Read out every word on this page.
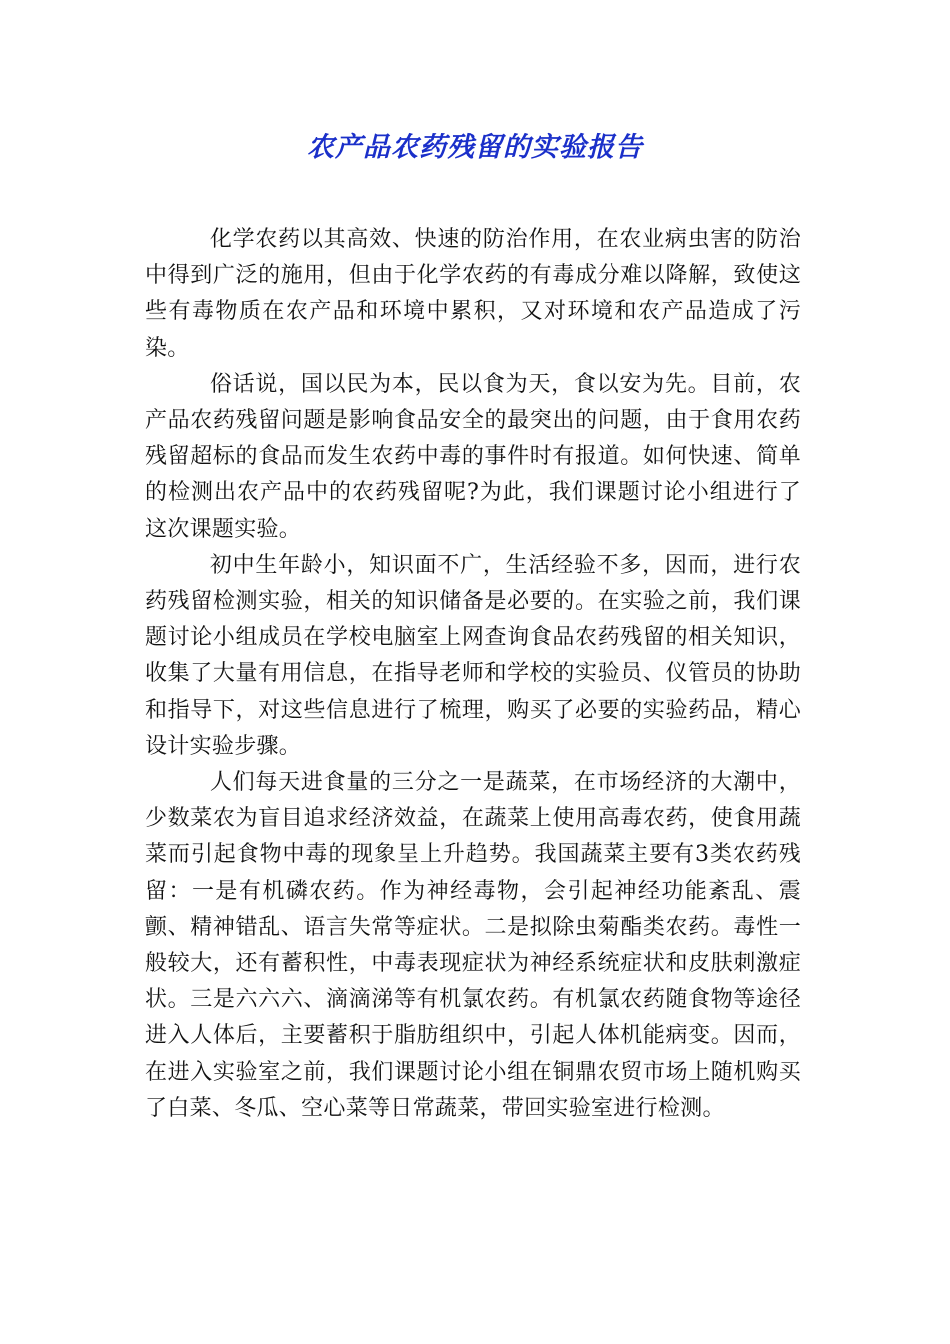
农产品农药残留的实验报告

化学农药以其高效、快速的防治作用，在农业病虫害的防治中得到广泛的施用，但由于化学农药的有毒成分难以降解，致使这些有毒物质在农产品和环境中累积，又对环境和农产品造成了污染。

俗话说，国以民为本，民以食为天，食以安为先。目前，农产品农药残留问题是影响食品安全的最突出的问题，由于食用农药残留超标的食品而发生农药中毒的事件时有报道。如何快速、简单的检测出农产品中的农药残留呢?为此，我们课题讨论小组进行了这次课题实验。

初中生年龄小，知识面不广，生活经验不多，因而，进行农药残留检测实验，相关的知识储备是必要的。在实验之前，我们课题讨论小组成员在学校电脑室上网查询食品农药残留的相关知识，收集了大量有用信息，在指导老师和学校的实验员、仪管员的协助和指导下，对这些信息进行了梳理，购买了必要的实验药品，精心设计实验步骤。

人们每天进食量的三分之一是蔬菜，在市场经济的大潮中，少数菜农为盲目追求经济效益，在蔬菜上使用高毒农药，使食用蔬菜而引起食物中毒的现象呈上升趋势。我国蔬菜主要有3类农药残留：一是有机磷农药。作为神经毒物，会引起神经功能紊乱、震颤、精神错乱、语言失常等症状。二是拟除虫菊酯类农药。毒性一般较大，还有蓄积性，中毒表现症状为神经系统症状和皮肤刺激症状。三是六六六、滴滴涕等有机氯农药。有机氯农药随食物等途径进入人体后，主要蓄积于脂肪组织中，引起人体机能病变。因而，在进入实验室之前，我们课题讨论小组在铜鼎农贸市场上随机购买了白菜、冬瓜、空心菜等日常蔬菜，带回实验室进行检测。
